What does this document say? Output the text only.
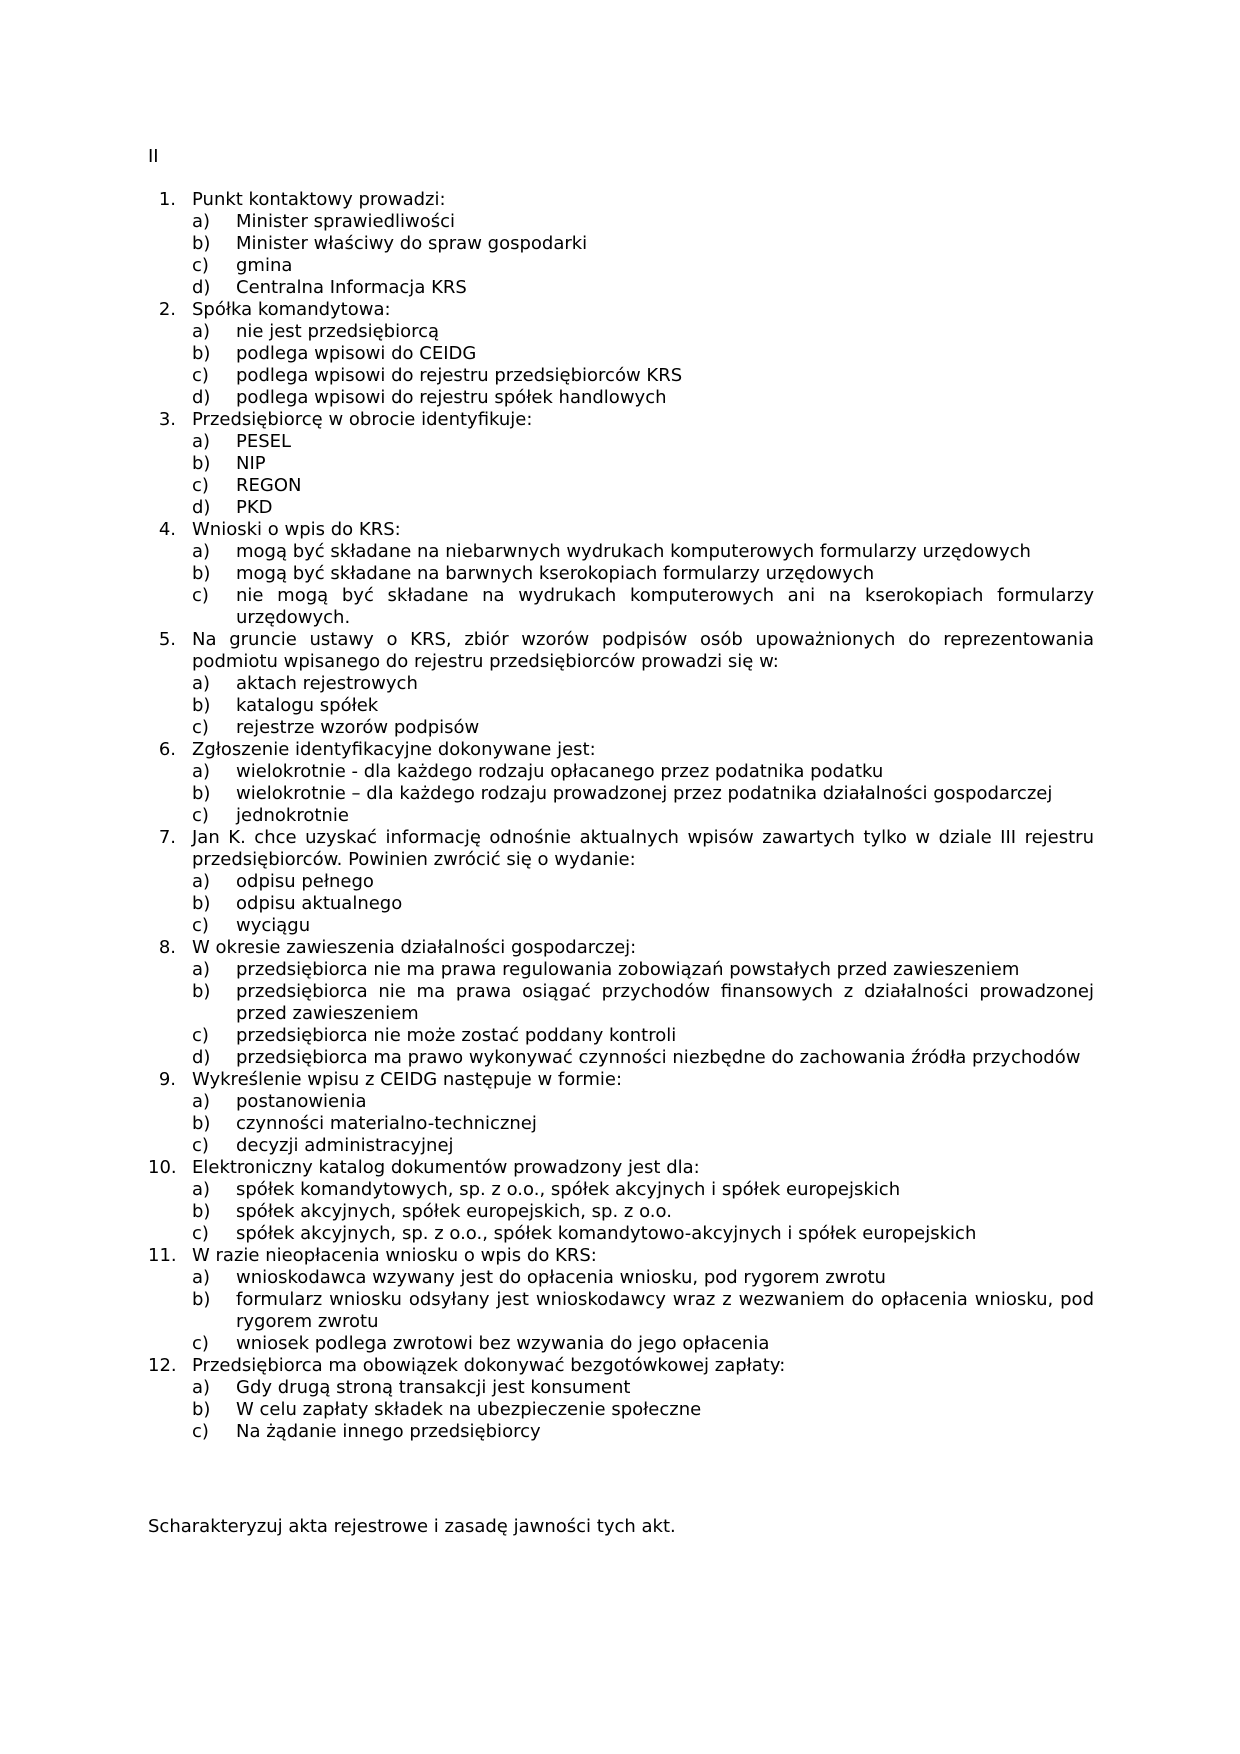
II
1. Punkt kontaktowy prowadzi:
a)	Minister sprawiedliwości
b)	Minister właściwy do spraw gospodarki
c)	gmina
d)	Centralna Informacja KRS
2. Spółka komandytowa:
a)	nie jest przedsiębiorcą
b)	podlega wpisowi do CEIDG
c)	podlega wpisowi do rejestru przedsiębiorców KRS
d)	podlega wpisowi do rejestru spółek handlowych
3. Przedsiębiorcę w obrocie identyfikuje:
a)	PESEL
b)	NIP
c)	REGON
d)	PKD
4. Wnioski o wpis do KRS:
a)	mogą być składane na niebarwnych wydrukach komputerowych formularzy urzędowych
b)	mogą być składane na barwnych kserokopiach formularzy urzędowych
c)	nie mogą być składane na wydrukach komputerowych ani na kserokopiach formularzy urzędowych.
5. Na gruncie ustawy o KRS, zbiór wzorów podpisów osób upoważnionych do reprezentowania podmiotu wpisanego do rejestru przedsiębiorców prowadzi się w:
a)	aktach rejestrowych
b)	katalogu spółek
c)	rejestrze wzorów podpisów
6. Zgłoszenie identyfikacyjne dokonywane jest:
a)	wielokrotnie - dla każdego rodzaju opłacanego przez podatnika podatku
b)	wielokrotnie – dla każdego rodzaju prowadzonej przez podatnika działalności gospodarczej
c)	jednokrotnie
7. Jan K. chce uzyskać informację odnośnie aktualnych wpisów zawartych tylko w dziale III rejestru przedsiębiorców. Powinien zwrócić się o wydanie:
a)	odpisu pełnego
b)	odpisu aktualnego
c)	wyciągu
8. W okresie zawieszenia działalności gospodarczej:
a)	przedsiębiorca nie ma prawa regulowania zobowiązań powstałych przed zawieszeniem
b)	przedsiębiorca nie ma prawa osiągać przychodów finansowych z działalności prowadzonej przed zawieszeniem
c)	przedsiębiorca nie może zostać poddany kontroli
d)	przedsiębiorca ma prawo wykonywać czynności niezbędne do zachowania źródła przychodów
9. Wykreślenie wpisu z CEIDG następuje w formie:
a)	postanowienia
b)	czynności materialno-technicznej
c)	decyzji administracyjnej
10. Elektroniczny katalog dokumentów prowadzony jest dla:
a)	spółek komandytowych, sp. z o.o., spółek akcyjnych i spółek europejskich
b)	spółek akcyjnych, spółek europejskich, sp. z o.o.
c)	spółek akcyjnych, sp. z o.o., spółek komandytowo-akcyjnych i spółek europejskich
11. W razie nieopłacenia wniosku o wpis do KRS:
a)	wnioskodawca wzywany jest do opłacenia wniosku, pod rygorem zwrotu
b)	formularz wniosku odsyłany jest wnioskodawcy wraz z wezwaniem do opłacenia wniosku, pod rygorem zwrotu
c)	wniosek podlega zwrotowi bez wzywania do jego opłacenia
12. Przedsiębiorca ma obowiązek dokonywać bezgotówkowej zapłaty:
a)	Gdy drugą stroną transakcji jest konsument
b)	W celu zapłaty składek na ubezpieczenie społeczne
c)	Na żądanie innego przedsiębiorcy
Scharakteryzuj akta rejestrowe i zasadę jawności tych akt.
